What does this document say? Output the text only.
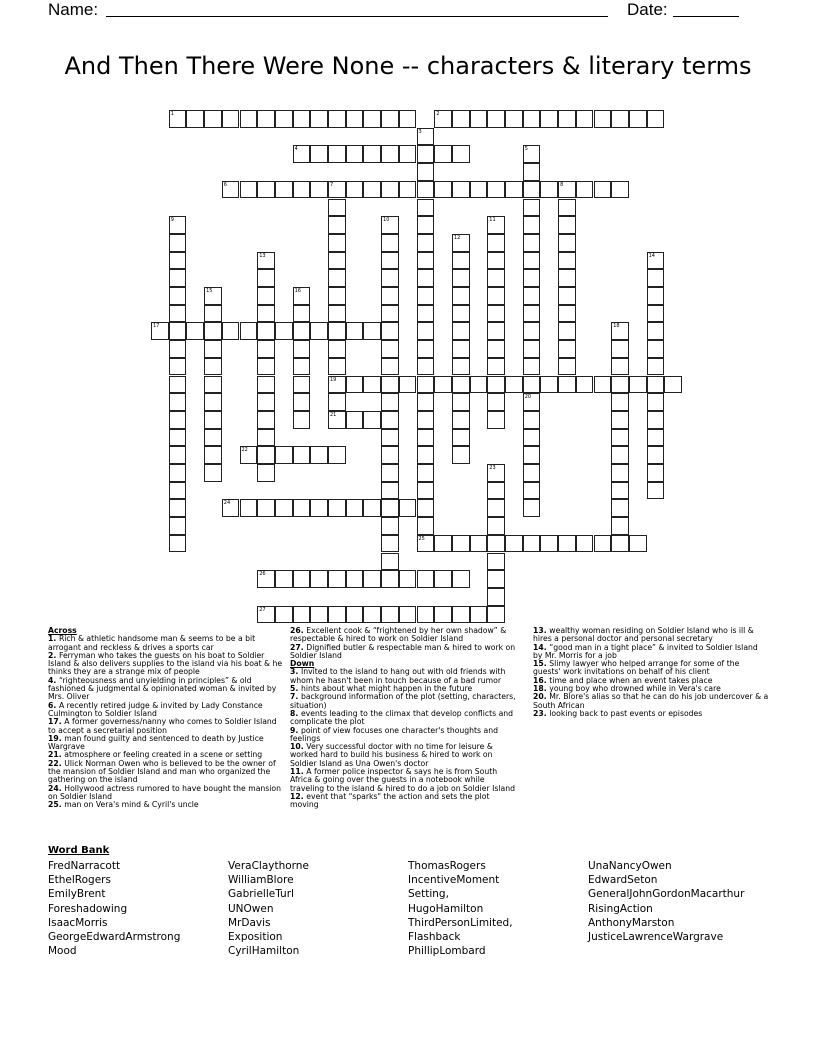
Name:	Date:
And Then There Were None -- characters & literary terms
1	2
3
4	5
20
6	7	8
19
21
9	10	11
12
13	14
15	16
17	18
22
23
24
25
26
27

Across

1. Rich & athletic handsome man & seems to be a bit arrogant and reckless & drives a sports car

2. Ferryman who takes the guests on his boat to Soldier Island & also delivers supplies to the island via his boat & he thinks they are a strange mix of people

4. “righteousness and unyielding in principles” & old fashioned & judgmental & opinionated woman & invited by Mrs. Oliver

6. A recently retired judge & invited by Lady Constance Culmington to Soldier Island

17. A former governess/nanny who comes to Soldier Island to accept a secretarial position

19. man found guilty and sentenced to death by Justice Wargrave

21. atmosphere or feeling created in a scene or setting

22. Ulick Norman Owen who is believed to be the owner of the mansion of Soldier Island and man who organized the gathering on the island

24. Hollywood actress rumored to have bought the mansion on Soldier Island

25. man on Vera's mind & Cyril's uncle

26. Excellent cook & “frightened by her own shadow” & respectable & hired to work on Soldier Island

27. Dignified butler & respectable man & hired to work on Soldier Island

Down

3. Invited to the island to hang out with old friends with whom he hasn't been in touch because of a bad rumor

5. hints about what might happen in the future

7. background information of the plot (setting, characters, situation)

8. events leading to the climax that develop conflicts and complicate the plot

9. point of view focuses one character's thoughts and feelings

10. Very successful doctor with no time for leisure & worked hard to build his business & hired to work on Soldier Island as Una Owen's doctor

11. A former police inspector & says he is from South Africa & going over the guests in a notebook while traveling to the island & hired to do a job on Soldier Island

12. event that "sparks" the action and sets the plot moving

13. wealthy woman residing on Soldier Island who is ill & hires a personal doctor and personal secretary

14. “good man in a tight place” & invited to Soldier Island by Mr. Morris for a job

15. Slimy lawyer who helped arrange for some of the guests' work invitations on behalf of his client

16. time and place when an event takes place

18. young boy who drowned while in Vera's care

20. Mr. Blore's alias so that he can do his job undercover & a South African

23. looking back to past events or episodes

Word Bank
FredNarracott
EthelRogers
EmilyBrent
Foreshadowing
IsaacMorris
GeorgeEdwardArmstrong
Mood
VeraClaythorne
WilliamBlore
GabrielleTurl
UNOwen
MrDavis
Exposition
CyrilHamilton
ThomasRogers
IncentiveMoment
Setting,
HugoHamilton
ThirdPersonLimited,
Flashback
PhillipLombard
UnaNancyOwen
EdwardSeton
GeneralJohnGordonMacarthur
RisingAction
AnthonyMarston
JusticeLawrenceWargrave
